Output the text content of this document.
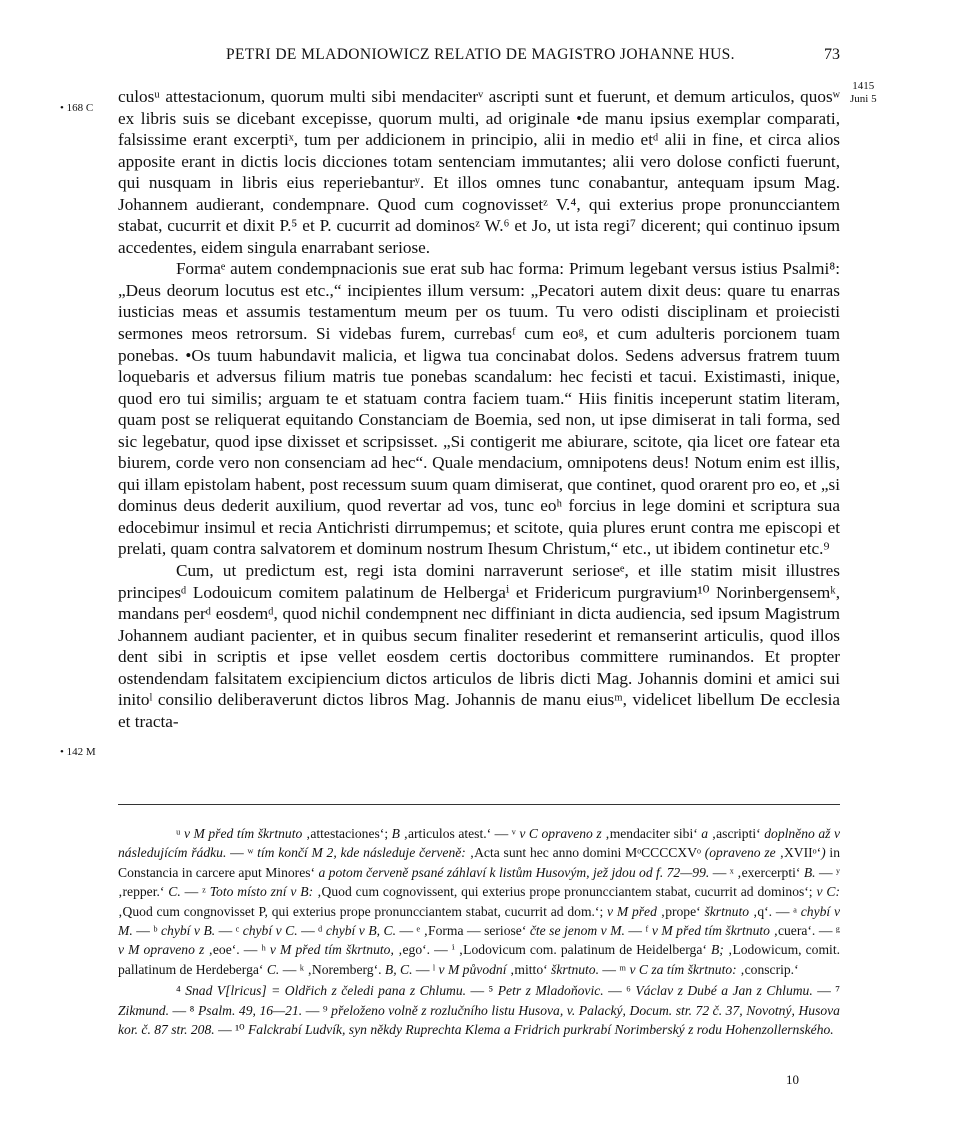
PETRI DE MLADONIOWICZ RELATIO DE MAGISTRO JOHANNE HUS.	73
1415
Juni 5
• 168 C
• 142 M

culosᵘ attestacionum, quorum multi sibi mendaciterᵛ ascripti sunt et fuerunt, et demum articulos, quosʷ ex libris suis se dicebant excepisse, quorum multi, ad originale •de manu ipsius exemplar comparati, falsissime erant excerptiˣ, tum per addicionem in principio, alii in medio etᵈ alii in fine, et circa alios apposite erant in dictis locis dicciones totam sentenciam immutantes; alii vero dolose conficti fuerunt, qui nusquam in libris eius reperiebanturʸ. Et illos omnes tunc conabantur, antequam ipsum Mag. Johannem audierant, condempnare. Quod cum cognovissetᶻ V.⁴, qui exterius prope pronuncciantem stabat, cucurrit et dixit P.⁵ et P. cucurrit ad dominosᶻ W.⁶ et Jo, ut ista regi⁷ dicerent; qui continuo ipsum accedentes, eidem singula enarrabant seriose.

Formaᵉ autem condempnacionis sue erat sub hac forma: Primum legebant versus istius Psalmi⁸: „Deus deorum locutus est etc.,“ incipientes illum versum: „Pecatori autem dixit deus: quare tu enarras iusticias meas et assumis testamentum meum per os tuum. Tu vero odisti disciplinam et proiecisti sermones meos retrorsum. Si videbas furem, currebasᶠ cum eoᵍ, et cum adulteris porcionem tuam ponebas. •Os tuum habundavit malicia, et ligwa tua concinabat dolos. Sedens adversus fratrem tuum loquebaris et adversus filium matris tue ponebas scandalum: hec fecisti et tacui. Existimasti, inique, quod ero tui similis; arguam te et statuam contra faciem tuam.“ Hiis finitis inceperunt statim literam, quam post se reliquerat equitando Constanciam de Boemia, sed non, ut ipse dimiserat in tali forma, sed sic legebatur, quod ipse dixisset et scripsisset. „Si contigerit me abiurare, scitote, qia licet ore fatear eta biurem, corde vero non consenciam ad hec“. Quale mendacium, omnipotens deus! Notum enim est illis, qui illam epistolam habent, post recessum suum quam dimiserat, que continet, quod orarent pro eo, et „si dominus deus dederit auxilium, quod revertar ad vos, tunc eoʰ forcius in lege domini et scriptura sua edocebimur insimul et recia Antichristi dirrumpemus; et scitote, quia plures erunt contra me episcopi et prelati, quam contra salvatorem et dominum nostrum Ihesum Christum,“ etc., ut ibidem continetur etc.⁹

Cum, ut predictum est, regi ista domini narraverunt serioseᵉ, et ille statim misit illustres principesᵈ Lodouicum comitem palatinum de Helbergaⁱ et Fridericum purgravium¹⁰ Norinbergensemᵏ, mandans perᵈ eosdemᵈ, quod nichil condempnent nec diffiniant in dicta audiencia, sed ipsum Magistrum Johannem audiant pacienter, et in quibus secum finaliter resederint et remanserint articulis, quod illos dent sibi in scriptis et ipse vellet eosdem certis doctoribus committere ruminandos. Et propter ostendendam falsitatem excipiencium dictos articulos de libris dicti Mag. Johannis domini et amici sui initoˡ consilio deliberaverunt dictos libros Mag. Johannis de manu eiusᵐ, videlicet libellum De ecclesia et tracta-

ᵘ v M před tím škrtnuto ‚attestaciones‘; B ‚articulos atest.‘ — ᵛ v C opraveno z ‚mendaciter sibi‘ a ‚ascripti‘ doplněno až v následujícím řádku. — ʷ tím končí M 2, kde následuje červeně: ‚Acta sunt hec anno domini MᵒCCCCXVᵒ (opraveno ze ‚XVIIᵒ‘) in Constancia in carcere aput Minores‘ a potom červeně psané záhlaví k listům Husovým, jež jdou od f. 72—99. — ˣ ‚exercerpti‘ B. — ʸ ‚repper.‘ C. — ᶻ Toto místo zní v B: ‚Quod cum cognovissent, qui exterius prope pronuncciantem stabat, cucurrit ad dominos‘; v C: ‚Quod cum congnovisset P, qui exterius prope pronuncciantem stabat, cucurrit ad dom.‘; v M před ‚prope‘ škrtnuto ‚q‘. — ᵃ chybí v M. — ᵇ chybí v B. — ᶜ chybí v C. — ᵈ chybí v B, C. — ᵉ ‚Forma — seriose‘ čte se jenom v M. — ᶠ v M před tím škrtnuto ‚cuera‘. — ᵍ v M opraveno z ‚eoe‘. — ʰ v M před tím škrtnuto, ‚ego‘. — ⁱ ‚Lodovicum com. palatinum de Heidelberga‘ B; ‚Lodowicum, comit. pallatinum de Herdeberga‘ C. — ᵏ ‚Noremberg‘. B, C. — ˡ v M původní ‚mitto‘ škrtnuto. — ᵐ v C za tím škrtnuto: ‚conscrip.‘

⁴ Snad V[lricus] = Oldřich z čeledi pana z Chlumu. — ⁵ Petr z Mladoňovic. — ⁶ Václav z Dubé a Jan z Chlumu. — ⁷ Zikmund. — ⁸ Psalm. 49, 16—21. — ⁹ přeloženo volně z rozlučního listu Husova, v. Palacký, Docum. str. 72 č. 37, Novotný, Husova kor. č. 87 str. 208. — ¹⁰ Falckrabí Ludvík, syn někdy Ruprechta Klema a Fridrich purkrabí Norimberský z rodu Hohenzollernského.

10
